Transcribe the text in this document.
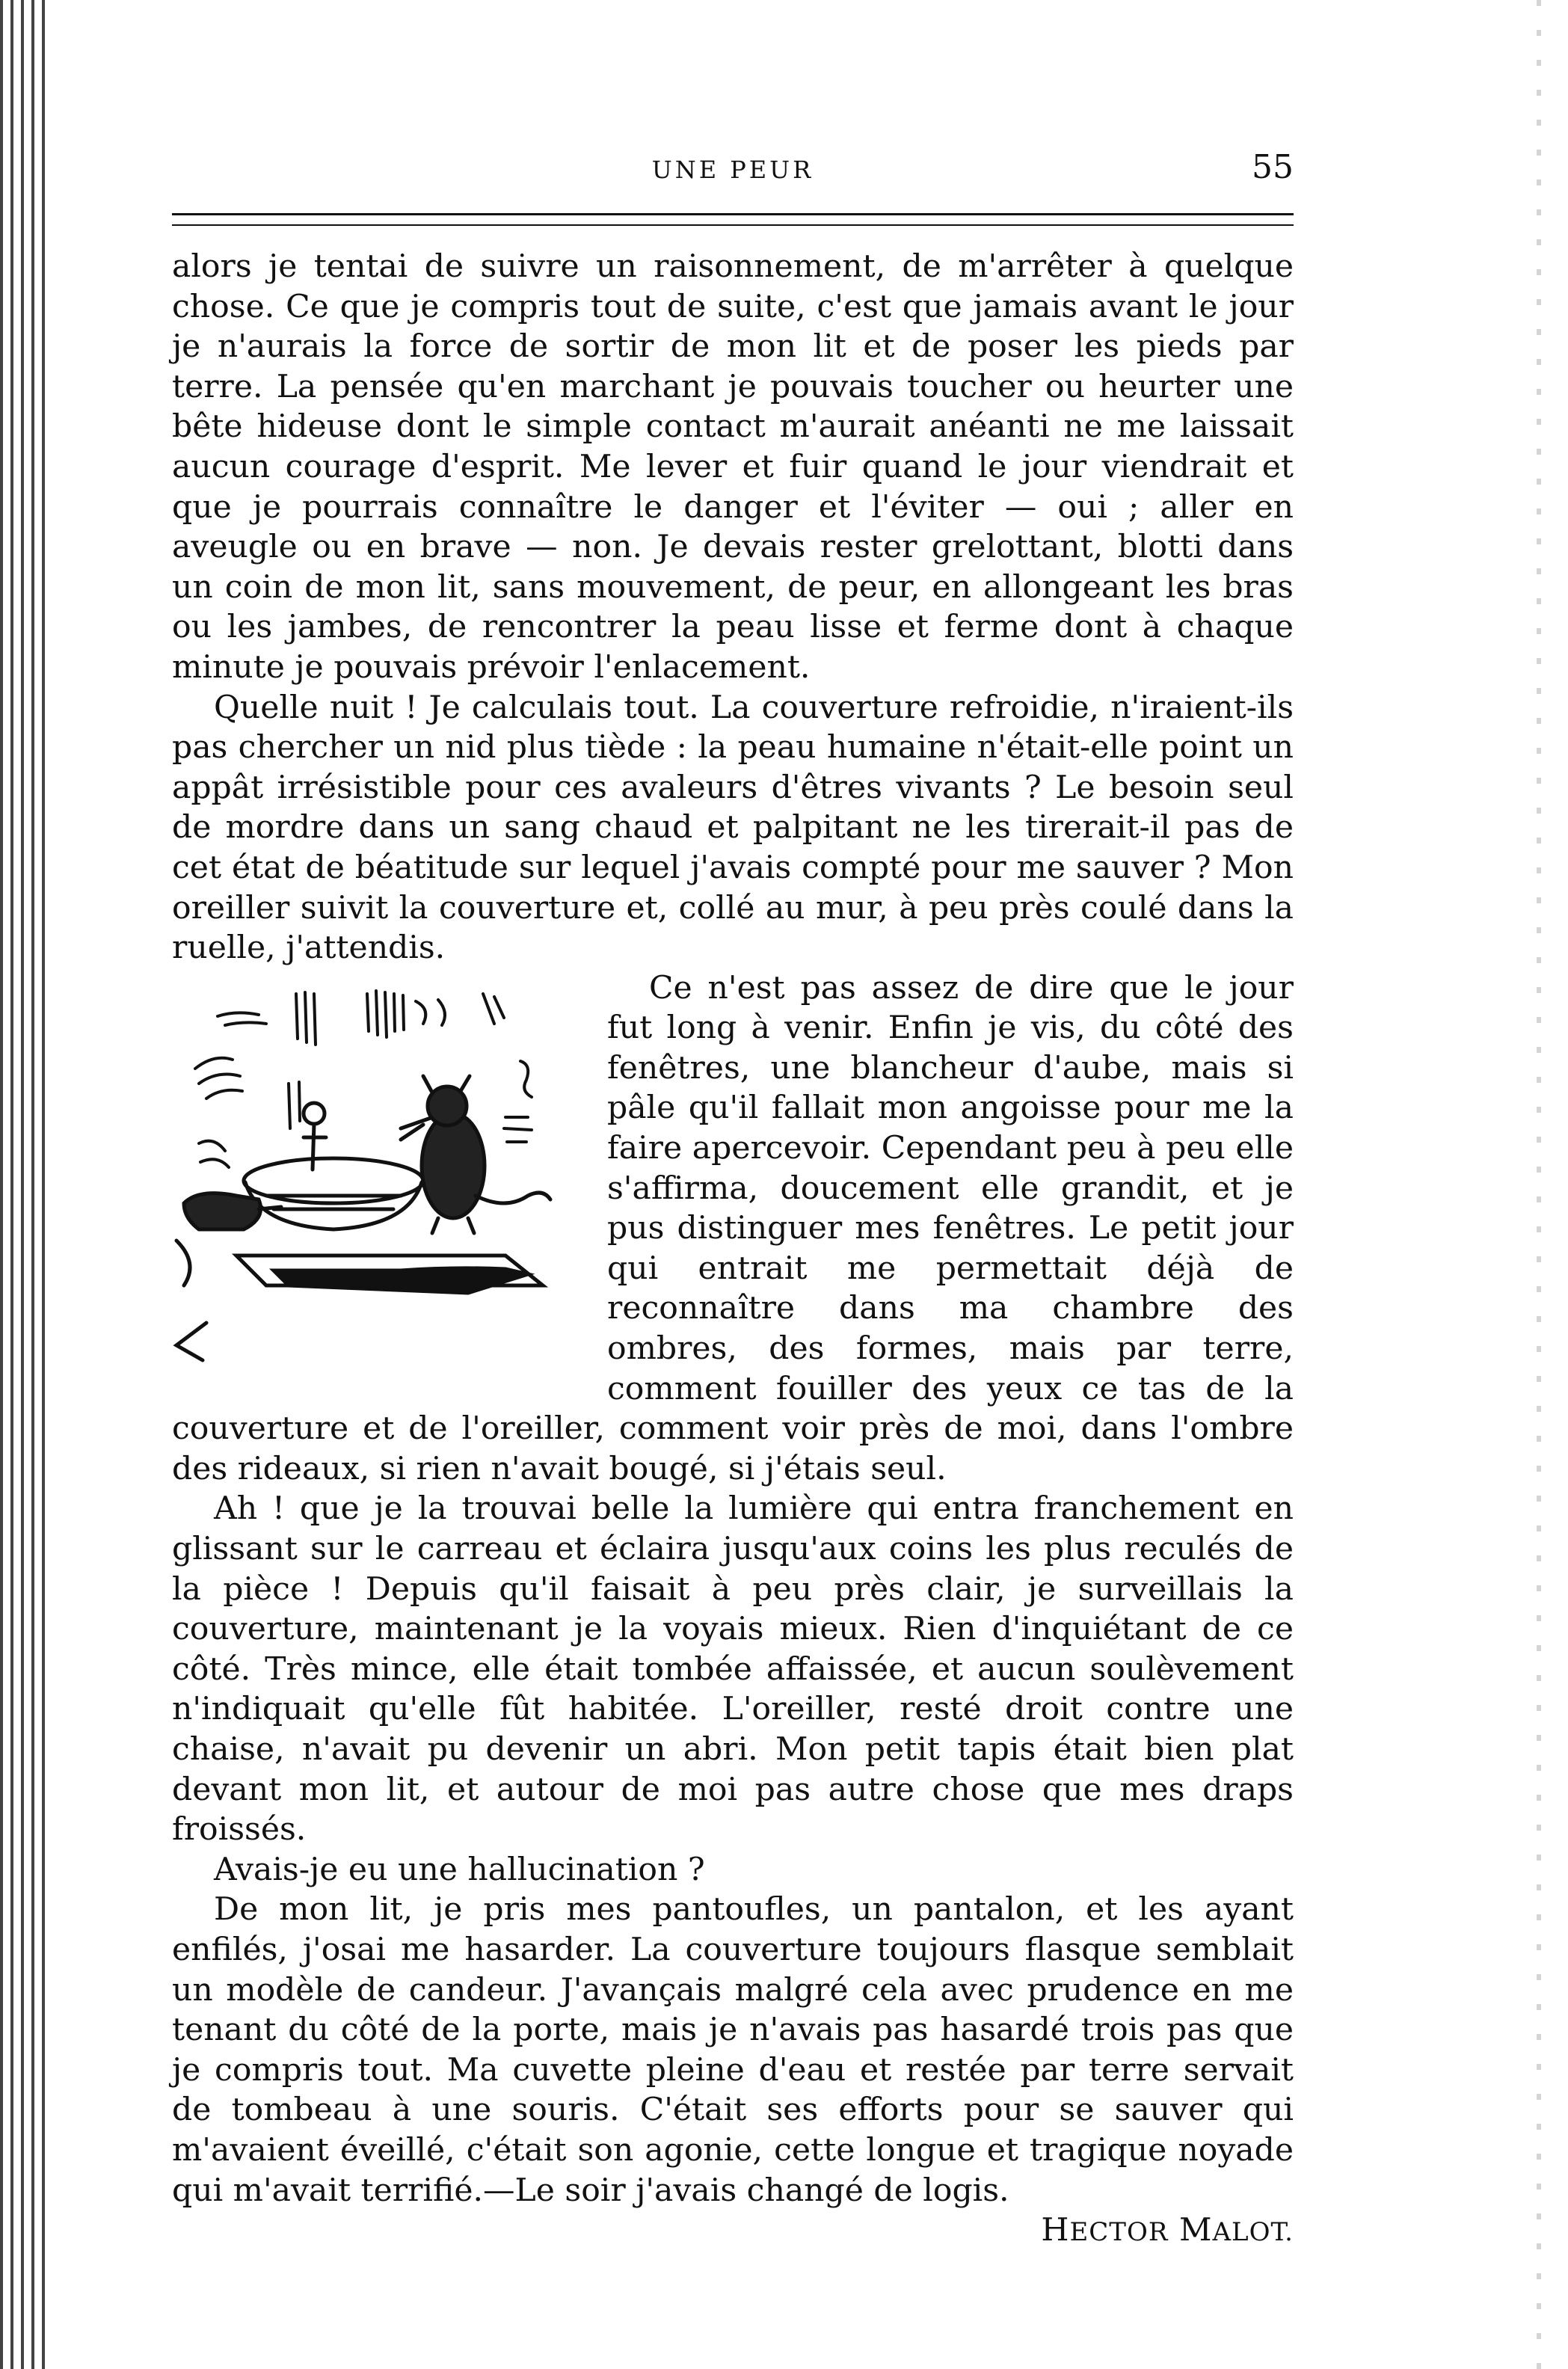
UNE PEUR	55

alors je tentai de suivre un raisonnement, de m'arrêter à quelque chose. Ce que je compris tout de suite, c'est que jamais avant le jour je n'aurais la force de sortir de mon lit et de poser les pieds par terre. La pensée qu'en marchant je pouvais toucher ou heurter une bête hideuse dont le simple contact m'aurait anéanti ne me laissait aucun courage d'esprit. Me lever et fuir quand le jour viendrait et que je pourrais connaître le danger et l'éviter — oui ; aller en aveugle ou en brave — non. Je devais rester grelottant, blotti dans un coin de mon lit, sans mouvement, de peur, en allongeant les bras ou les jambes, de rencontrer la peau lisse et ferme dont à chaque minute je pouvais prévoir l'enlacement.

Quelle nuit ! Je calculais tout. La couverture refroidie, n'iraient-ils pas chercher un nid plus tiède : la peau humaine n'était-elle point un appât irrésistible pour ces avaleurs d'êtres vivants ? Le besoin seul de mordre dans un sang chaud et palpitant ne les tirerait-il pas de cet état de béatitude sur lequel j'avais compté pour me sauver ? Mon oreiller suivit la couverture et, collé au mur, à peu près coulé dans la ruelle, j'attendis.

Ce n'est pas assez de dire que le jour fut long à venir. Enfin je vis, du côté des fenêtres, une blancheur d'aube, mais si pâle qu'il fallait mon angoisse pour me la faire apercevoir. Cependant peu à peu elle s'affirma, doucement elle grandit, et je pus distinguer mes fenêtres. Le petit jour qui entrait me permettait déjà de reconnaître dans ma chambre des ombres, des formes, mais par terre, comment fouiller des yeux ce tas de la couverture et de l'oreiller, comment voir près de moi, dans l'ombre des rideaux, si rien n'avait bougé, si j'étais seul.

Ah ! que je la trouvai belle la lumière qui entra franchement en glissant sur le carreau et éclaira jusqu'aux coins les plus reculés de la pièce ! Depuis qu'il faisait à peu près clair, je surveillais la couverture, maintenant je la voyais mieux. Rien d'inquiétant de ce côté. Très mince, elle était tombée affaissée, et aucun soulèvement n'indiquait qu'elle fût habitée. L'oreiller, resté droit contre une chaise, n'avait pu devenir un abri. Mon petit tapis était bien plat devant mon lit, et autour de moi pas autre chose que mes draps froissés.

Avais-je eu une hallucination ?

De mon lit, je pris mes pantoufles, un pantalon, et les ayant enfilés, j'osai me hasarder. La couverture toujours flasque semblait un modèle de candeur. J'avançais malgré cela avec prudence en me tenant du côté de la porte, mais je n'avais pas hasardé trois pas que je compris tout. Ma cuvette pleine d'eau et restée par terre servait de tombeau à une souris. C'était ses efforts pour se sauver qui m'avaient éveillé, c'était son agonie, cette longue et tragique noyade qui m'avait terrifié.—Le soir j'avais changé de logis.
HECTOR MALOT.
